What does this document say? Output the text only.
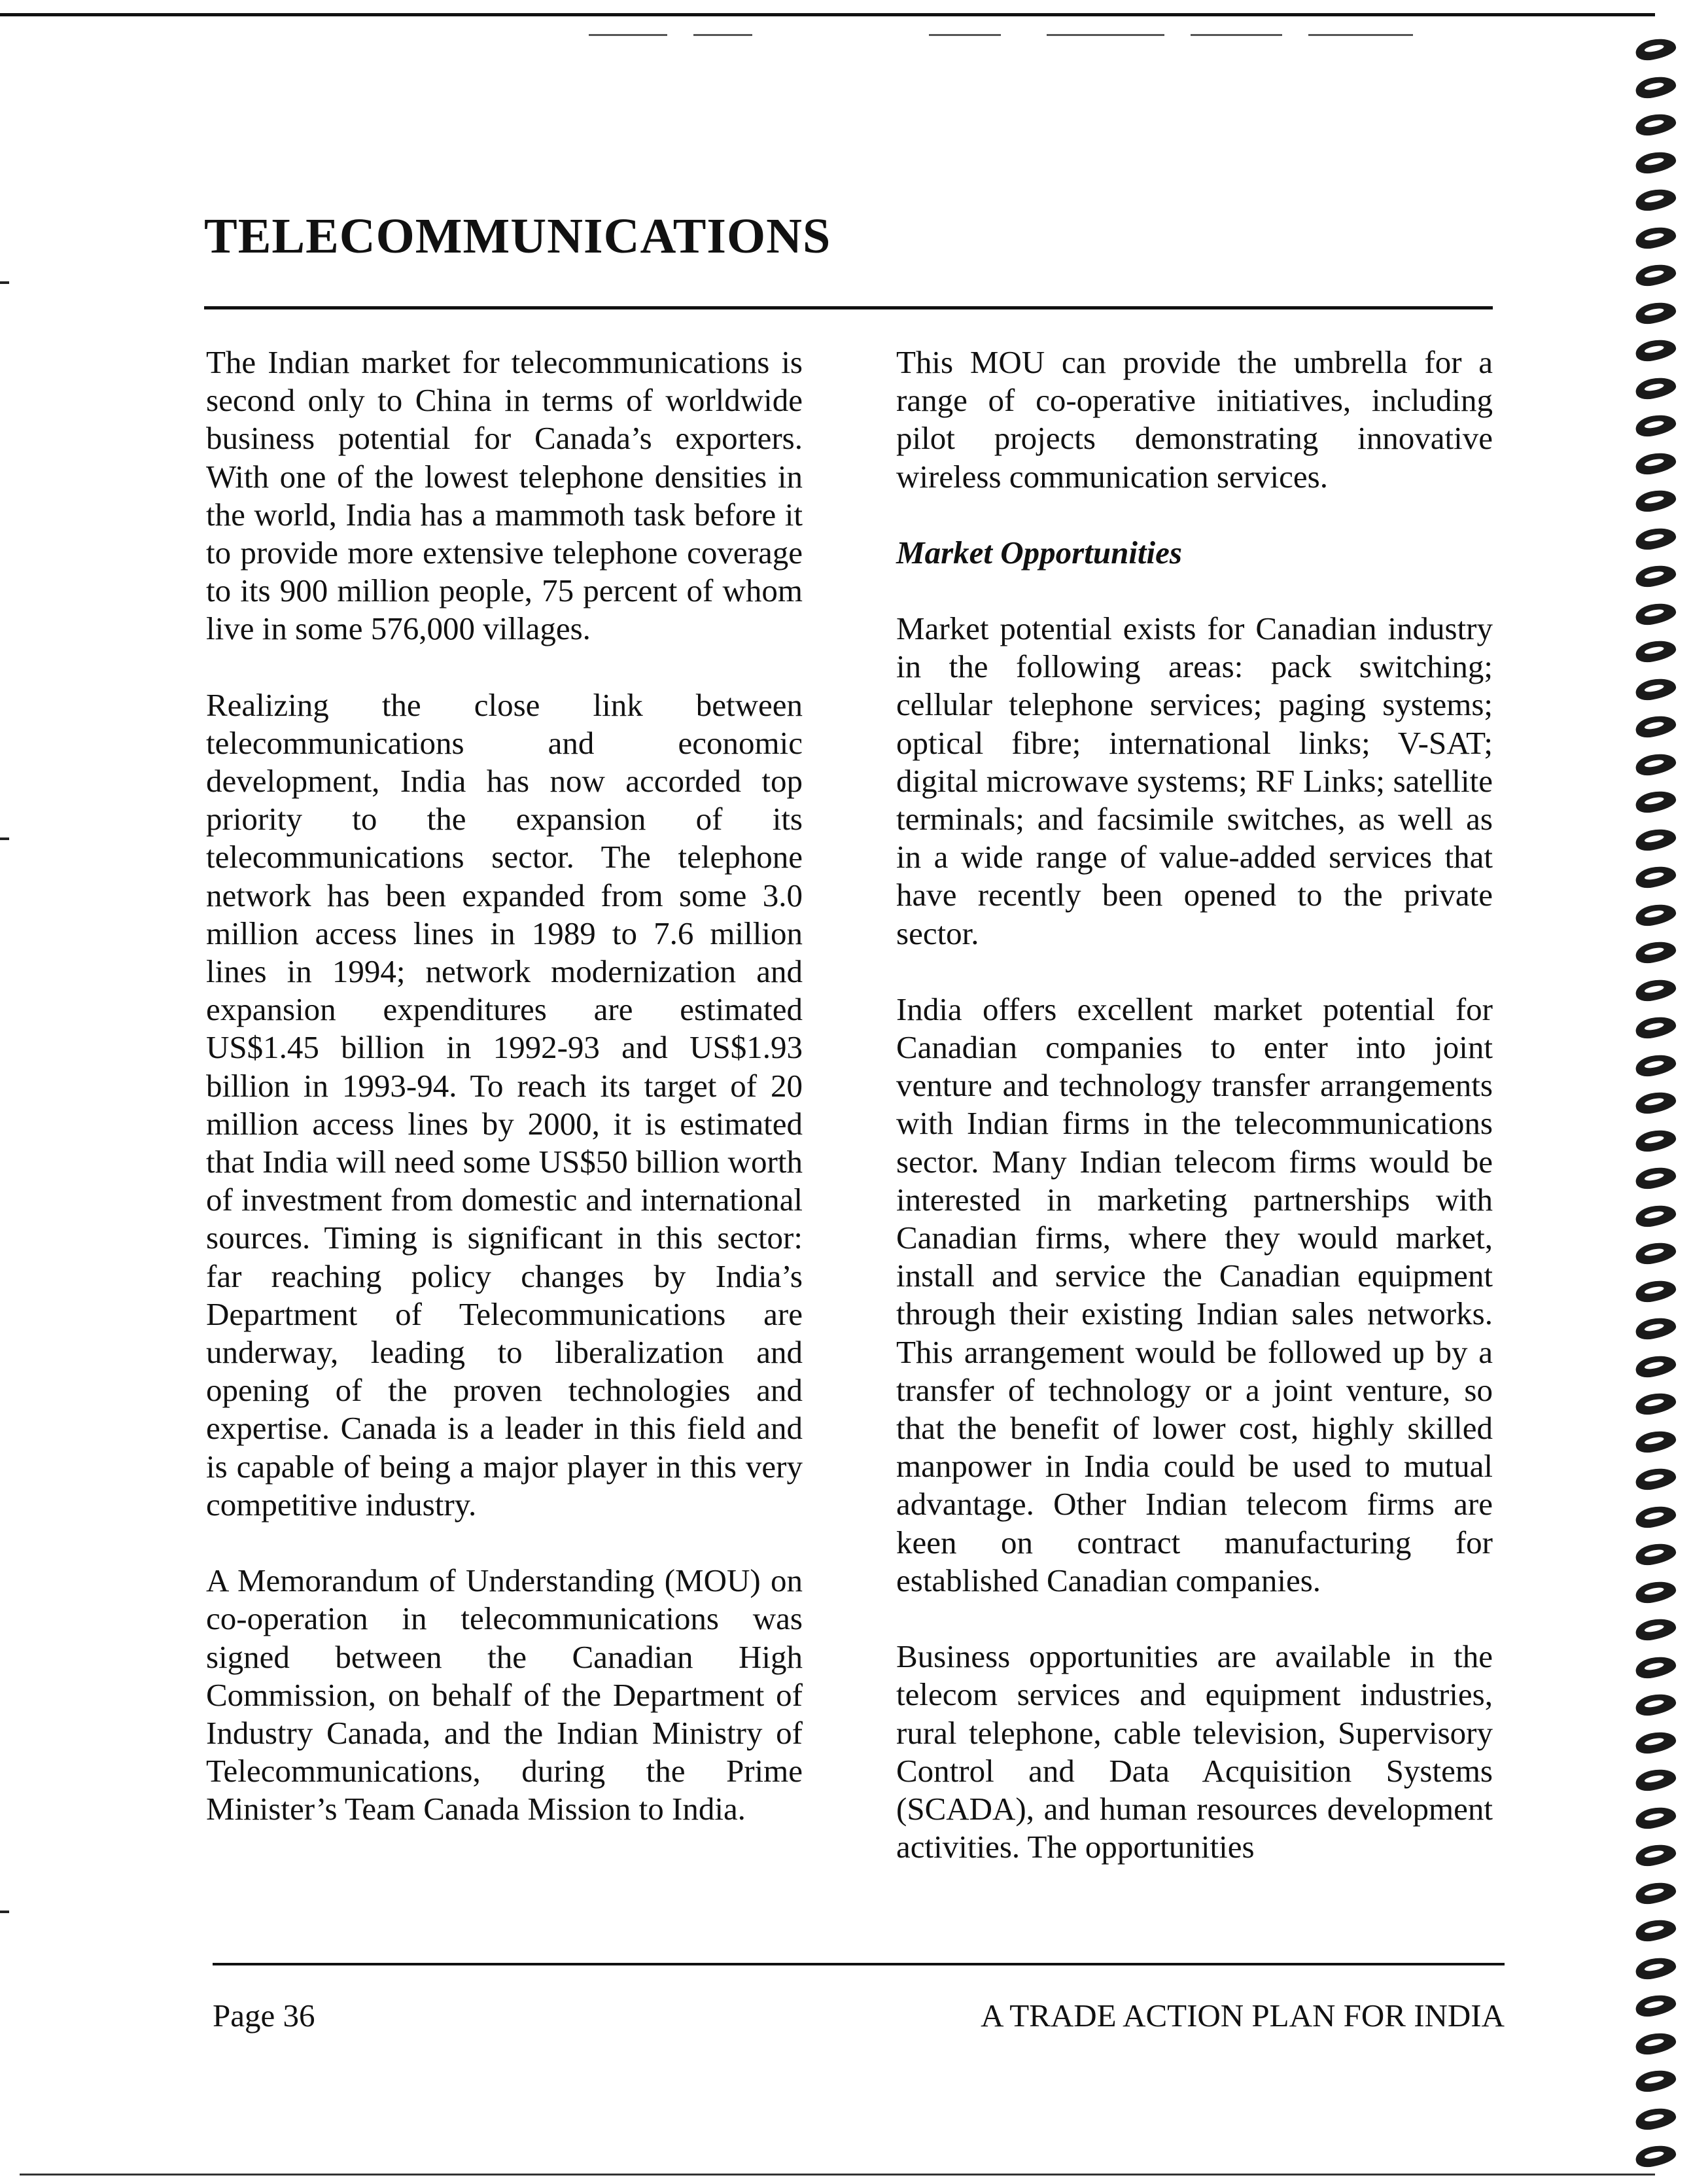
TELECOMMUNICATIONS

The Indian market for telecommunications is second only to China in terms of worldwide business potential for Canada’s exporters. With one of the lowest telephone densities in the world, India has a mammoth task before it to provide more extensive telephone coverage to its 900 million people, 75 percent of whom live in some 576,000 villages.

Realizing the close link between telecommunications and economic development, India has now accorded top priority to the expansion of its telecommunications sector. The telephone network has been expanded from some 3.0 million access lines in 1989 to 7.6 million lines in 1994; network modernization and expansion expenditures are estimated US$1.45 billion in 1992-93 and US$1.93 billion in 1993-94. To reach its target of 20 million access lines by 2000, it is estimated that India will need some US$50 billion worth of investment from domestic and international sources. Timing is significant in this sector: far reaching policy changes by India’s Department of Telecommunications are underway, leading to liberalization and opening of the proven technologies and expertise. Canada is a leader in this field and is capable of being a major player in this very competitive industry.

A Memorandum of Understanding (MOU) on co-operation in telecommunications was signed between the Canadian High Commission, on behalf of the Department of Industry Canada, and the Indian Ministry of Telecommunications, during the Prime Minister’s Team Canada Mission to India.

This MOU can provide the umbrella for a range of co-operative initiatives, including pilot projects demonstrating innovative wireless communication services.

Market Opportunities

Market potential exists for Canadian industry in the following areas: pack switching; cellular telephone services; paging systems; optical fibre; international links; V-SAT; digital microwave systems; RF Links; satellite terminals; and facsimile switches, as well as in a wide range of value-added services that have recently been opened to the private sector.

India offers excellent market potential for Canadian companies to enter into joint venture and technology transfer arrangements with Indian firms in the telecommunications sector. Many Indian telecom firms would be interested in marketing partnerships with Canadian firms, where they would market, install and service the Canadian equipment through their existing Indian sales networks. This arrangement would be followed up by a transfer of technology or a joint venture, so that the benefit of lower cost, highly skilled manpower in India could be used to mutual advantage. Other Indian telecom firms are keen on contract manufacturing for established Canadian companies.

Business opportunities are available in the telecom services and equipment industries, rural telephone, cable television, Supervisory Control and Data Acquisition Systems (SCADA), and human resources development activities. The opportunities

Page 36	A TRADE ACTION PLAN FOR INDIA
